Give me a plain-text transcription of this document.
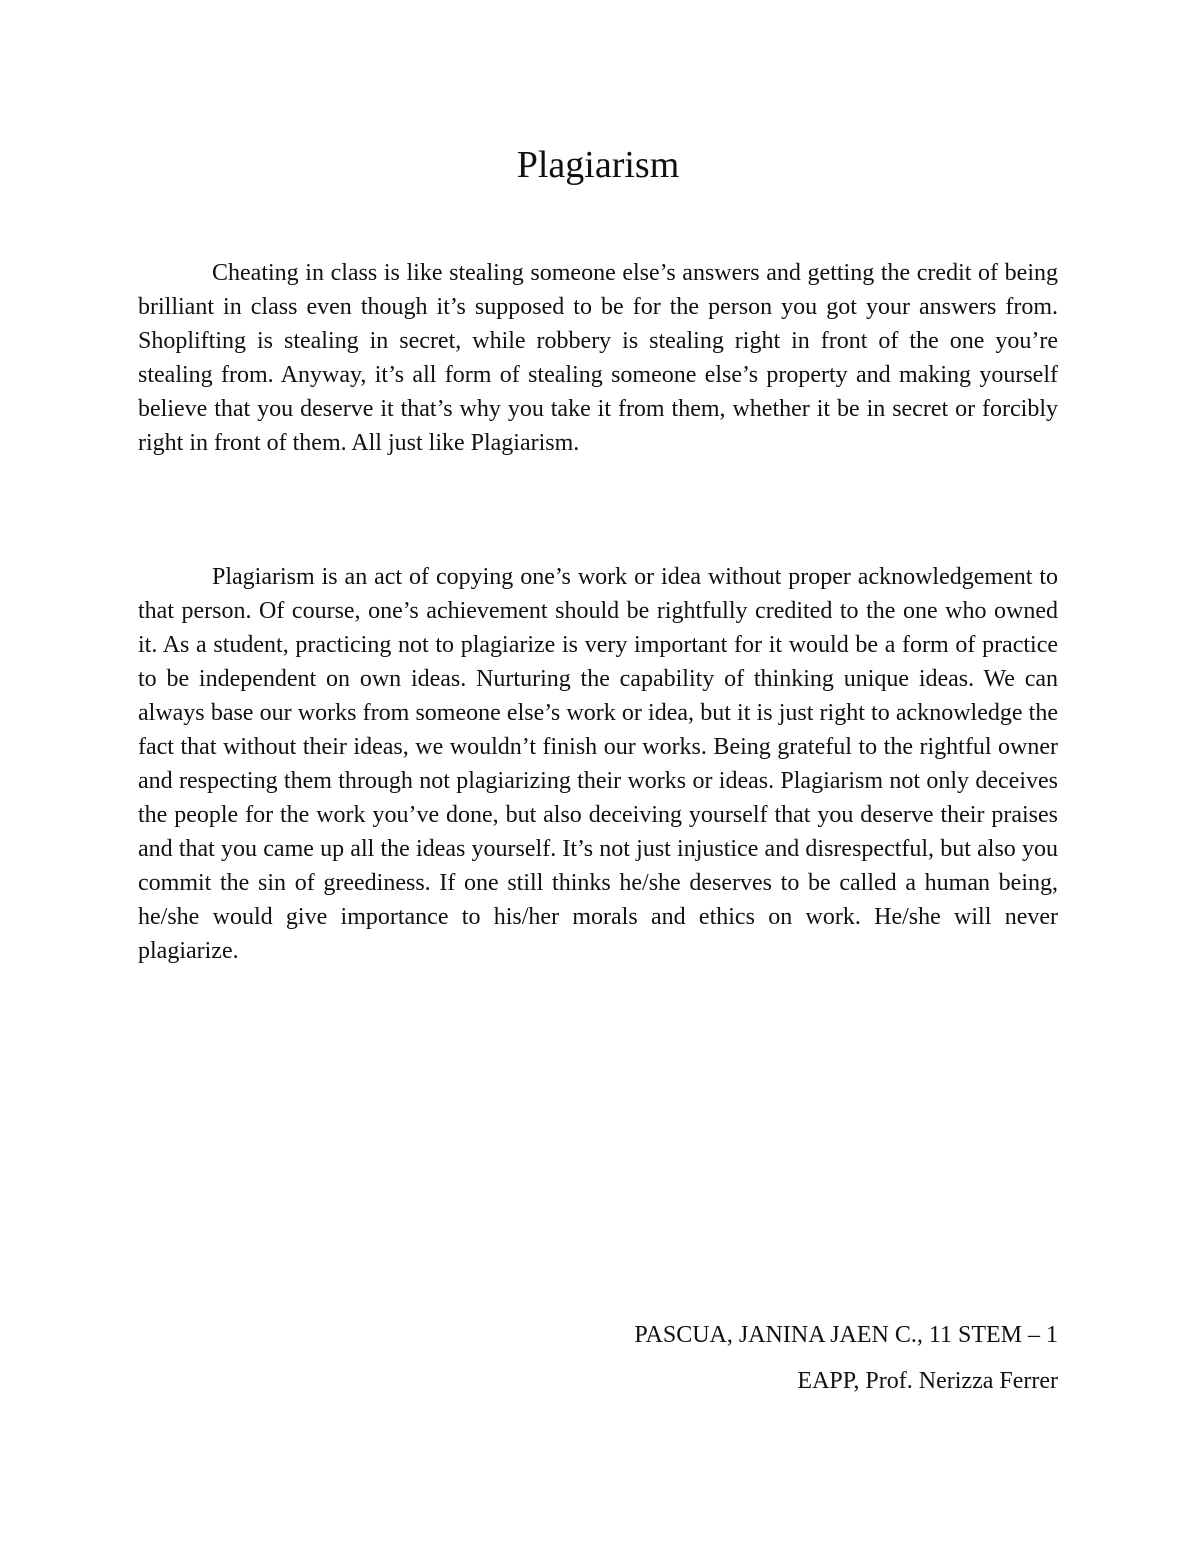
Plagiarism

Cheating in class is like stealing someone else’s answers and getting the credit of being brilliant in class even though it’s supposed to be for the person you got your answers from. Shoplifting is stealing in secret, while robbery is stealing right in front of the one you’re stealing from. Anyway, it’s all form of stealing someone else’s property and making yourself believe that you deserve it that’s why you take it from them, whether it be in secret or forcibly right in front of them. All just like Plagiarism.

Plagiarism is an act of copying one’s work or idea without proper acknowledgement to that person. Of course, one’s achievement should be rightfully credited to the one who owned it. As a student, practicing not to plagiarize is very important for it would be a form of practice to be independent on own ideas. Nurturing the capability of thinking unique ideas. We can always base our works from someone else’s work or idea, but it is just right to acknowledge the fact that without their ideas, we wouldn’t finish our works. Being grateful to the rightful owner and respecting them through not plagiarizing their works or ideas. Plagiarism not only deceives the people for the work you’ve done, but also deceiving yourself that you deserve their praises and that you came up all the ideas yourself. It’s not just injustice and disrespectful, but also you commit the sin of greediness. If one still thinks he/she deserves to be called a human being, he/she would give importance to his/her morals and ethics on work. He/she will never plagiarize.

PASCUA, JANINA JAEN C., 11 STEM – 1

EAPP, Prof. Nerizza Ferrer
